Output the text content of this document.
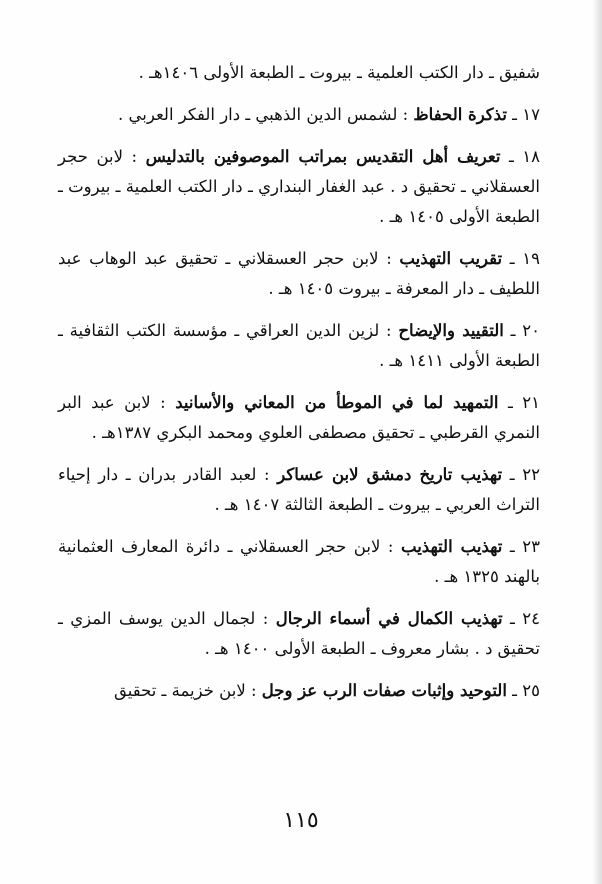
شفيق ـ دار الكتب العلمية ـ بيروت ـ الطبعة الأولى ١٤٠٦هـ .

١٧ ـ تذكرة الحفاظ : لشمس الدين الذهبي ـ دار الفكر العربي .

١٨ ـ تعريف أهل التقديس بمراتب الموصوفين بالتدليس : لابن حجر العسقلاني ـ تحقيق د . عبد الغفار البنداري ـ دار الكتب العلمية ـ بيروت ـ الطبعة الأولى ١٤٠٥ هـ .

١٩ ـ تقريب التهذيب : لابن حجر العسقلاني ـ تحقيق عبد الوهاب عبد اللطيف ـ دار المعرفة ـ بيروت ١٤٠٥ هـ .

٢٠ ـ التقييد والإيضاح : لزين الدين العراقي ـ مؤسسة الكتب الثقافية ـ الطبعة الأولى ١٤١١ هـ .

٢١ ـ التمهيد لما في الموطأ من المعاني والأسانيد : لابن عبد البر النمري القرطبي ـ تحقيق مصطفى العلوي ومحمد البكري ١٣٨٧هـ .

٢٢ ـ تهذيب تاريخ دمشق لابن عساكر : لعبد القادر بدران ـ دار إحياء التراث العربي ـ بيروت ـ الطبعة الثالثة ١٤٠٧ هـ .

٢٣ ـ تهذيب التهذيب : لابن حجر العسقلاني ـ دائرة المعارف العثمانية بالهند ١٣٢٥ هـ .

٢٤ ـ تهذيب الكمال في أسماء الرجال : لجمال الدين يوسف المزي ـ تحقيق د . بشار معروف ـ الطبعة الأولى ١٤٠٠ هـ .

٢٥ ـ التوحيد وإثبات صفات الرب عز وجل : لابن خزيمة ـ تحقيق

١١٥
